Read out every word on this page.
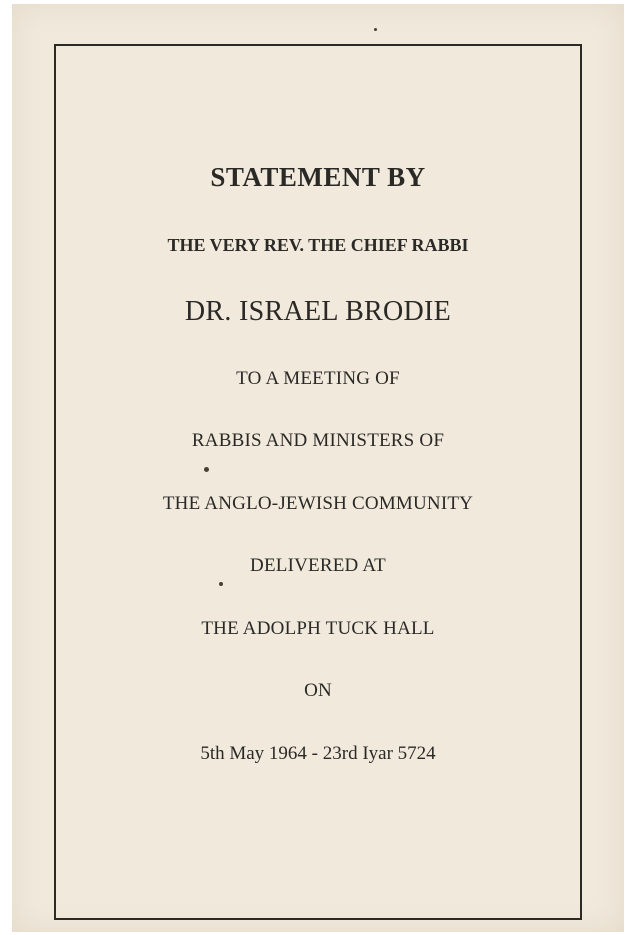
STATEMENT BY
THE VERY REV. THE CHIEF RABBI
DR. ISRAEL BRODIE
TO A MEETING OF
RABBIS AND MINISTERS OF
THE ANGLO-JEWISH COMMUNITY
DELIVERED AT
THE ADOLPH TUCK HALL
ON
5th May 1964 - 23rd Iyar 5724
